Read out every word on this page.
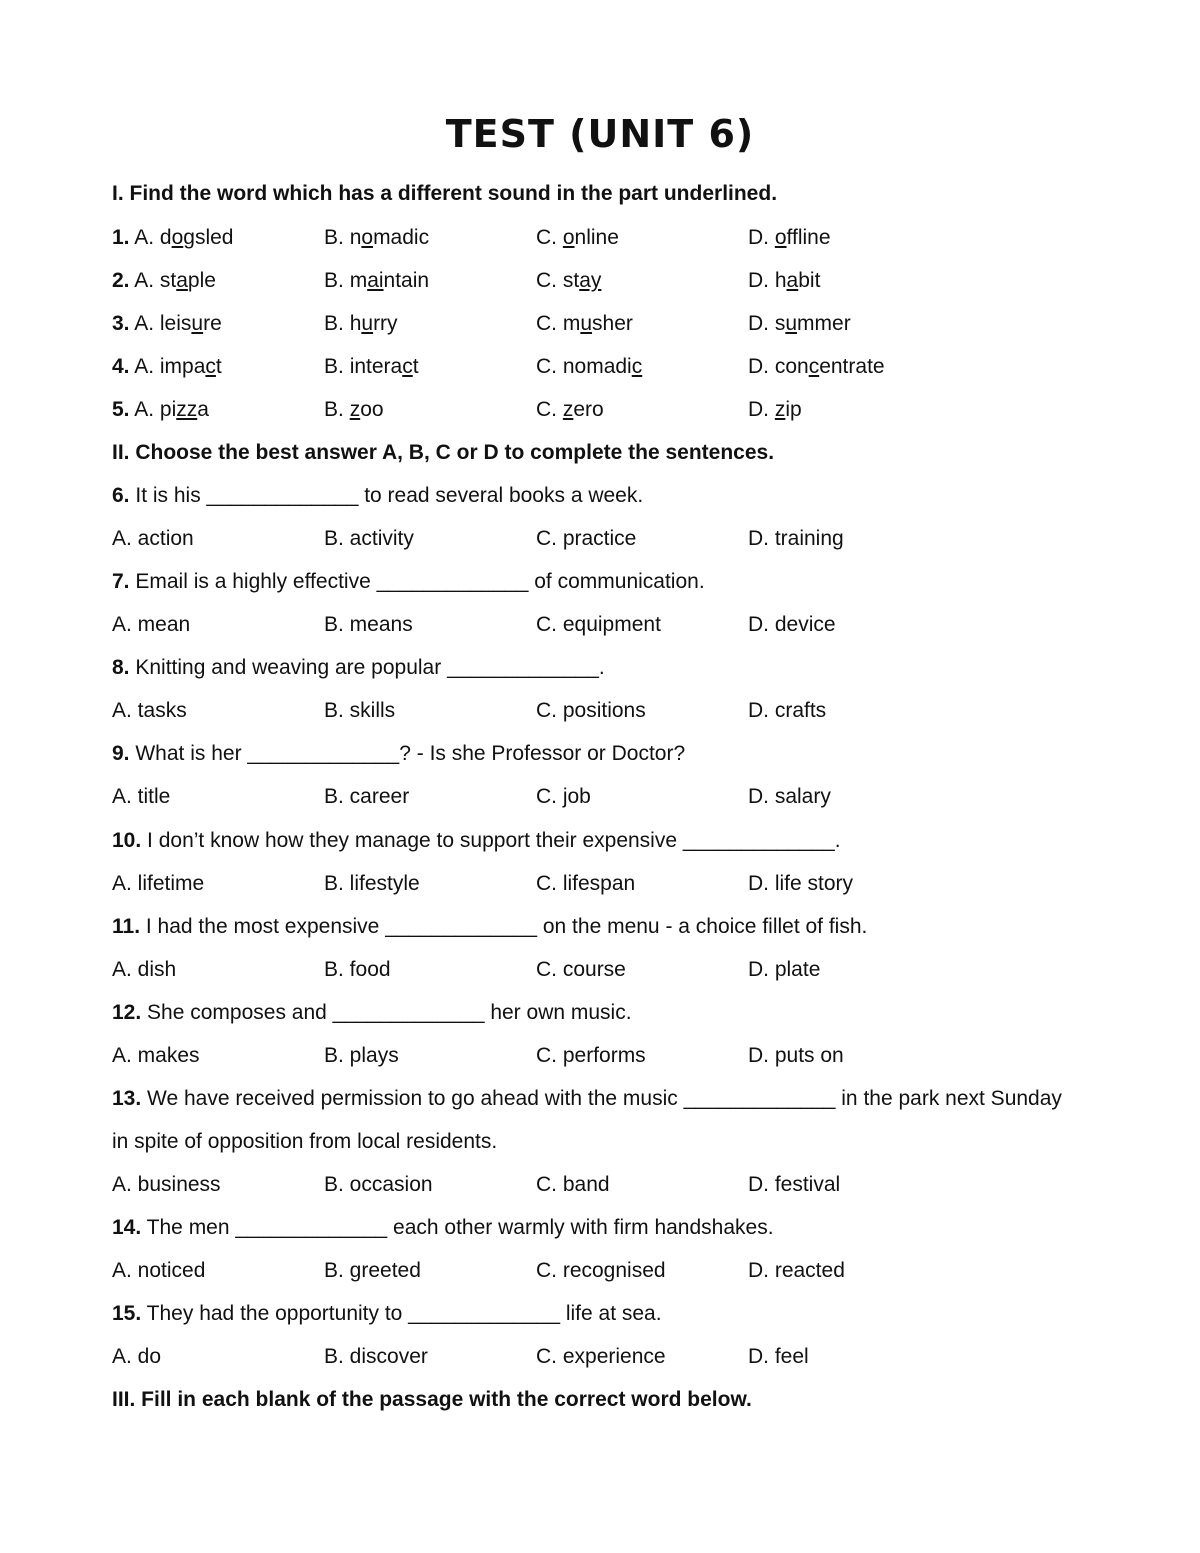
TEST (UNIT 6)
I. Find the word which has a different sound in the part underlined.
1. A. dogsled	B. nomadic	C. online	D. offline
2. A. staple	B. maintain	C. stay	D. habit
3. A. leisure	B. hurry	C. musher	D. summer
4. A. impact	B. interact	C. nomadic	D. concentrate
5. A. pizza	B. zoo	C. zero	D. zip
II. Choose the best answer A, B, C or D to complete the sentences.
6. It is his _____________ to read several books a week.
A. action	B. activity	C. practice	D. training
7. Email is a highly effective _____________ of communication.
A. mean	B. means	C. equipment	D. device
8. Knitting and weaving are popular _____________.
A. tasks	B. skills	C. positions	D. crafts
9. What is her _____________? - Is she Professor or Doctor?
A. title	B. career	C. job	D. salary
10. I don’t know how they manage to support their expensive _____________.
A. lifetime	B. lifestyle	C. lifespan	D. life story
11. I had the most expensive _____________ on the menu - a choice fillet of fish.
A. dish	B. food	C. course	D. plate
12. She composes and _____________ her own music.
A. makes	B. plays	C. performs	D. puts on
13. We have received permission to go ahead with the music _____________ in the park next Sunday
in spite of opposition from local residents.
A. business	B. occasion	C. band	D. festival
14. The men _____________ each other warmly with firm handshakes.
A. noticed	B. greeted	C. recognised	D. reacted
15. They had the opportunity to _____________ life at sea.
A. do	B. discover	C. experience	D. feel
III. Fill in each blank of the passage with the correct word below.
